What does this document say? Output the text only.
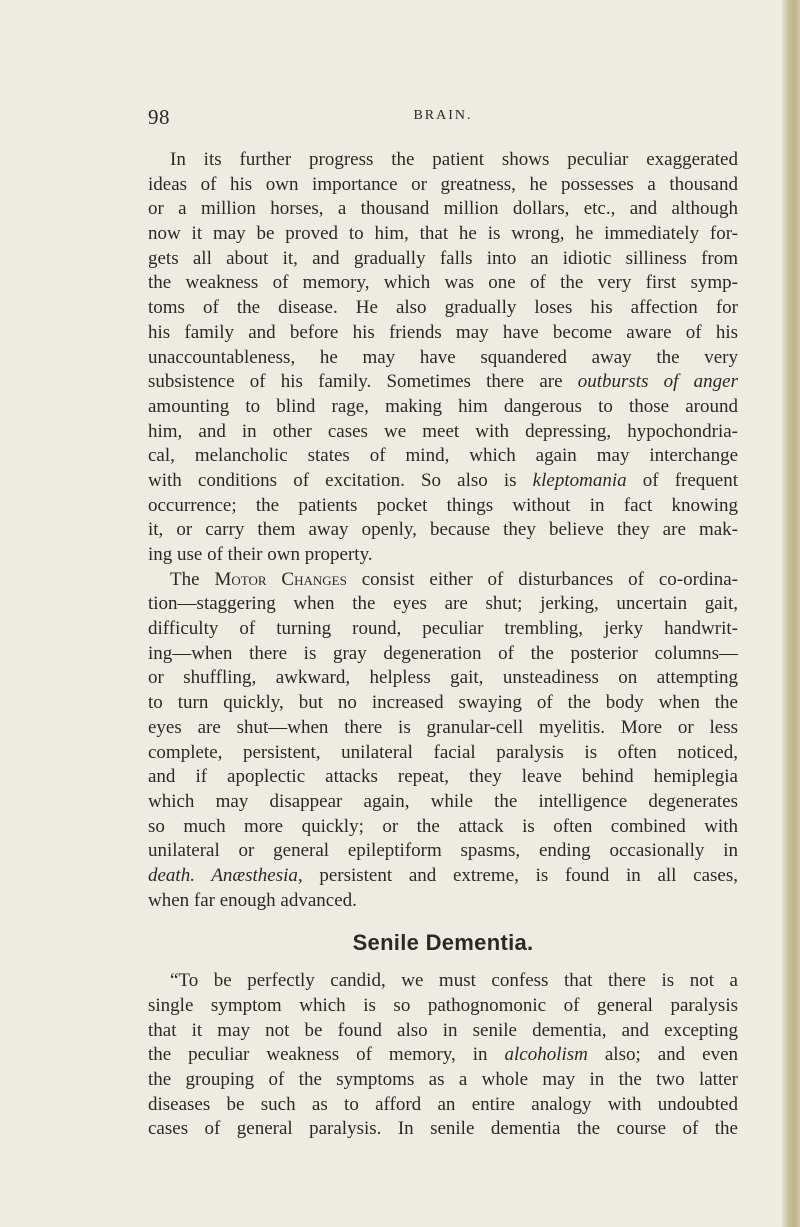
98	BRAIN.
In its further progress the patient shows peculiar exaggerated
ideas of his own importance or greatness, he possesses a thousand
or a million horses, a thousand million dollars, etc., and although
now it may be proved to him, that he is wrong, he immediately for-
gets all about it, and gradually falls into an idiotic silliness from
the weakness of memory, which was one of the very first symp-
toms of the disease. He also gradually loses his affection for
his family and before his friends may have become aware of his
unaccountableness, he may have squandered away the very
subsistence of his family. Sometimes there are outbursts of anger
amounting to blind rage, making him dangerous to those around
him, and in other cases we meet with depressing, hypochondria-
cal, melancholic states of mind, which again may interchange
with conditions of excitation. So also is kleptomania of frequent
occurrence; the patients pocket things without in fact knowing
it, or carry them away openly, because they believe they are mak-
ing use of their own property.
The Motor Changes consist either of disturbances of co-ordina-
tion—staggering when the eyes are shut; jerking, uncertain gait,
difficulty of turning round, peculiar trembling, jerky handwrit-
ing—when there is gray degeneration of the posterior columns—
or shuffling, awkward, helpless gait, unsteadiness on attempting
to turn quickly, but no increased swaying of the body when the
eyes are shut—when there is granular-cell myelitis. More or less
complete, persistent, unilateral facial paralysis is often noticed,
and if apoplectic attacks repeat, they leave behind hemiplegia
which may disappear again, while the intelligence degenerates
so much more quickly; or the attack is often combined with
unilateral or general epileptiform spasms, ending occasionally in
death. Anæsthesia, persistent and extreme, is found in all cases,
when far enough advanced.
Senile Dementia.
“To be perfectly candid, we must confess that there is not a
single symptom which is so pathognomonic of general paralysis
that it may not be found also in senile dementia, and excepting
the peculiar weakness of memory, in alcoholism also; and even
the grouping of the symptoms as a whole may in the two latter
diseases be such as to afford an entire analogy with undoubted
cases of general paralysis. In senile dementia the course of the
